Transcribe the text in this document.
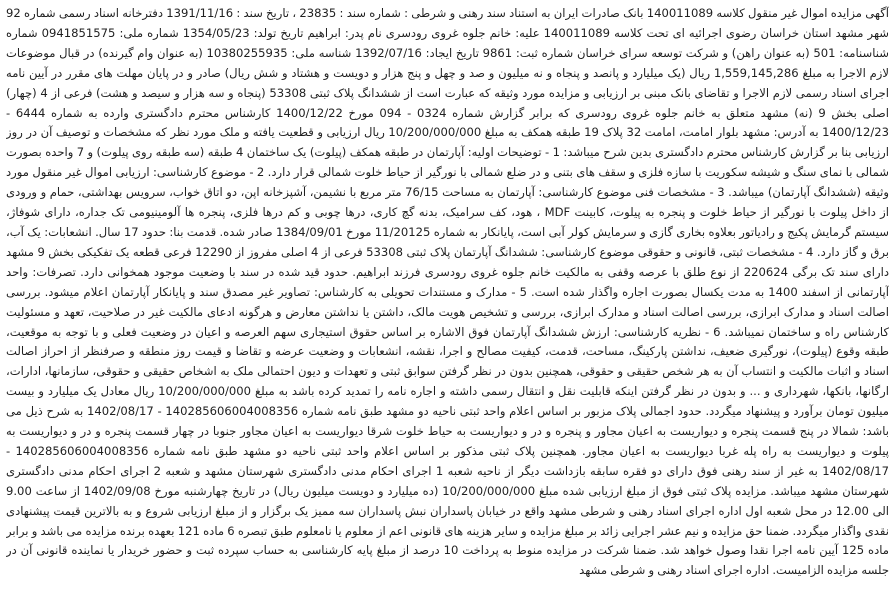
آگهی مزایده اموال غیر منقول کلاسه 140011089 بانک صادرات ایران به استناد سند رهنی و شرطی : شماره سند : 23835 ، تاریخ سند : 1391/11/16 دفترخانه اسناد رسمی شماره 92 شهر مشهد استان خراسان رضوی اجرائیه ای تحت کلاسه 140011089 علیه: خانم جلوه غروی رودسری نام پدر: ابراهیم تاریخ تولد: 1354/05/23 شماره ملی: 0941851575 شماره شناسنامه: 501 (به عنوان راهن) و شرکت توسعه سرای خراسان شماره ثبت: 9861 تاریخ ایجاد: 1392/07/16 شناسه ملی: 10380255935 (به عنوان وام گیرنده) در قبال موضوعات لازم الاجرا به مبلغ 1,559,145,286 ریال (یک میلیارد و پانصد و پنجاه و نه میلیون و صد و چهل و پنج هزار و دویست و هشتاد و شش ریال) صادر و در پایان مهلت های مقرر در آیین نامه اجرای اسناد رسمی لازم الاجرا و تقاضای بانک مبنی بر ارزیابی و مزایده مورد وثیقه که عبارت است از ششدانگ پلاک ثبتی 53308 (پنجاه و سه هزار و سیصد و هشت) فرعی از 4 (چهار) اصلی بخش 9 (نه) مشهد متعلق به خانم جلوه غروی رودسری که برابر گزارش شماره 0324 - 094 مورخ 1400/12/22 کارشناس محترم دادگستری وارده به شماره 6444 - 1400/12/23 به آدرس: مشهد بلوار امامت، امامت 32 پلاک 19 طبقه همکف به مبلغ 10/200/000/000 ریال ارزیابی و قطعیت یافته و ملک مورد نظر که مشخصات و توصیف آن در روز ارزیابی بنا بر گزارش کارشناس محترم دادگستری بدین شرح میباشد: 1 - توضیحات اولیه: آپارتمان در طبقه همکف (پیلوت) یک ساختمان 4 طبقه (سه طبقه روی پیلوت) و 7 واحده بصورت شمالی با نمای سنگ و شیشه سکوریت با سازه فلزی و سقف های بتنی و در ضلع شمالی با نورگیر از حیاط خلوت شمالی قرار دارد. 2 - موضوع کارشناسی: ارزیابی اموال غیر منقول مورد وثیقه (ششدانگ آپارتمان) میباشد. 3 - مشخصات فنی موضوع کارشناسی: آپارتمان به مساحت 76/15 متر مربع با نشیمن، آشپزخانه اپن، دو اتاق خواب، سرویس بهداشتی، حمام و ورودی از داخل پیلوت با نورگیر از حیاط خلوت و پنجره به پیلوت، کابینت MDF ، هود، کف سرامیک، بدنه گچ کاری، درها چوبی و کم درها فلزی، پنجره ها آلومینیومی تک جداره، دارای شوفاژ، سیستم گرمایش پکیج و رادیاتور بعلاوه بخاری گازی و سرمایش کولر آبی است، پایانکار به شماره 11/20125 مورخ 1384/09/01 صادر شده. قدمت بنا: حدود 17 سال. انشعابات: یک آب، برق و گاز دارد. 4 - مشخصات ثبتی، قانونی و حقوقی موضوع کارشناسی: ششدانگ آپارتمان پلاک ثبتی 53308 فرعی از 4 اصلی مفروز از 12290 فرعی قطعه یک تفکیکی بخش 9 مشهد دارای سند تک برگی 220624 از نوع طلق با عرصه وقفی به مالکیت خانم جلوه غروی رودسری فرزند ابراهیم. حدود قید شده در سند با وضعیت موجود همخوانی دارد. تصرفات: واحد آپارتمانی از اسفند 1400 به مدت یکسال بصورت اجاره واگذار شده است. 5 - مدارک و مستندات تحویلی به کارشناس: تصاویر غیر مصدق سند و پایانکار آپارتمان اعلام میشود. بررسی اصالت اسناد و مدارک ابرازی، بررسی اصالت اسناد و مدارک ابرازی، بررسی و تشخیص هویت مالک، داشتن یا نداشتن معارض و هرگونه ادعای مالکیت غیر در صلاحیت، تعهد و مسئولیت کارشناس راه و ساختمان نمیباشد. 6 - نظریه کارشناسی: ارزش ششدانگ آپارتمان فوق الاشاره بر اساس حقوق استیجاری سهم العرصه و اعیان در وضعیت فعلی و با توجه به موقعیت، طبقه وقوع (پیلوت)، نورگیری ضعیف، نداشتن پارکینگ، مساحت، قدمت، کیفیت مصالح و اجرا، نقشه، انشعابات و وضعیت عرضه و تقاضا و قیمت روز منطقه و صرفنظر از احراز اصالت اسناد و اثبات مالکیت و انتساب آن به هر شخص حقیقی و حقوقی، همچنین بدون در نظر گرفتن سوابق ثبتی و تعهدات و دیون احتمالی ملک به اشخاص حقیقی و حقوقی، سازمانها، ادارات، ارگانها، بانکها، شهرداری و ... و بدون در نظر گرفتن اینکه قابلیت نقل و انتقال رسمی داشته و اجاره نامه را تمدید کرده باشد به مبلغ 10/200/000/000 ریال معادل یک میلیارد و بیست میلیون تومان برآورد و پیشنهاد میگردد. حدود اجمالی پلاک مزبور بر اساس اعلام واحد ثبتی ناحیه دو مشهد طبق نامه شماره 140285606004008356 - 1402/08/17 به شرح ذیل می باشد: شمالا در پنج قسمت پنجره و دیواریست به اعیان مجاور و پنجره و در و دیواریست به حیاط خلوت شرقا دیواریست به اعیان مجاور جنوبا در چهار قسمت پنجره و در و دیواریست به پیلوت و دیواریست به راه پله غربا دیواریست به اعیان مجاور. همچنین پلاک ثبتی مذکور بر اساس اعلام واحد ثبتی ناحیه دو مشهد طبق نامه شماره 140285606004008356 - 1402/08/17 به غیر از سند رهنی فوق دارای دو فقره سابقه بازداشت دیگر از ناحیه شعبه 1 اجرای احکام مدنی دادگستری شهرستان مشهد و شعبه 2 اجرای احکام مدنی دادگستری شهرستان مشهد میباشد. مزایده پلاک ثبتی فوق از مبلغ ارزیابی شده مبلغ 10/200/000/000 (ده میلیارد و دویست میلیون ریال) در تاریخ چهارشنبه مورخ 1402/09/08 از ساعت 9.00 الی 12.00 در محل شعبه اول اداره اجرای اسناد رهنی و شرطی مشهد واقع در خیابان پاسداران نبش پاسداران سه ممیز یک برگزار و از مبلغ ارزیابی شروع و به بالاترین قیمت پیشنهادی نقدی واگذار میگردد. ضمنا حق مزایده و نیم عشر اجرایی زائد بر مبلغ مزایده و سایر هزینه های قانونی اعم از معلوم یا نامعلوم طبق تبصره 6 ماده 121 بعهده برنده مزایده می باشد و برابر ماده 125 آیین نامه اجرا نقدا وصول خواهد شد. ضمنا شرکت در مزایده منوط به پرداخت 10 درصد از مبلغ پایه کارشناسی به حساب سپرده ثبت و حضور خریدار یا نماینده قانونی آن در جلسه مزایده الزامیست. اداره اجرای اسناد رهنی و شرطی مشهد
